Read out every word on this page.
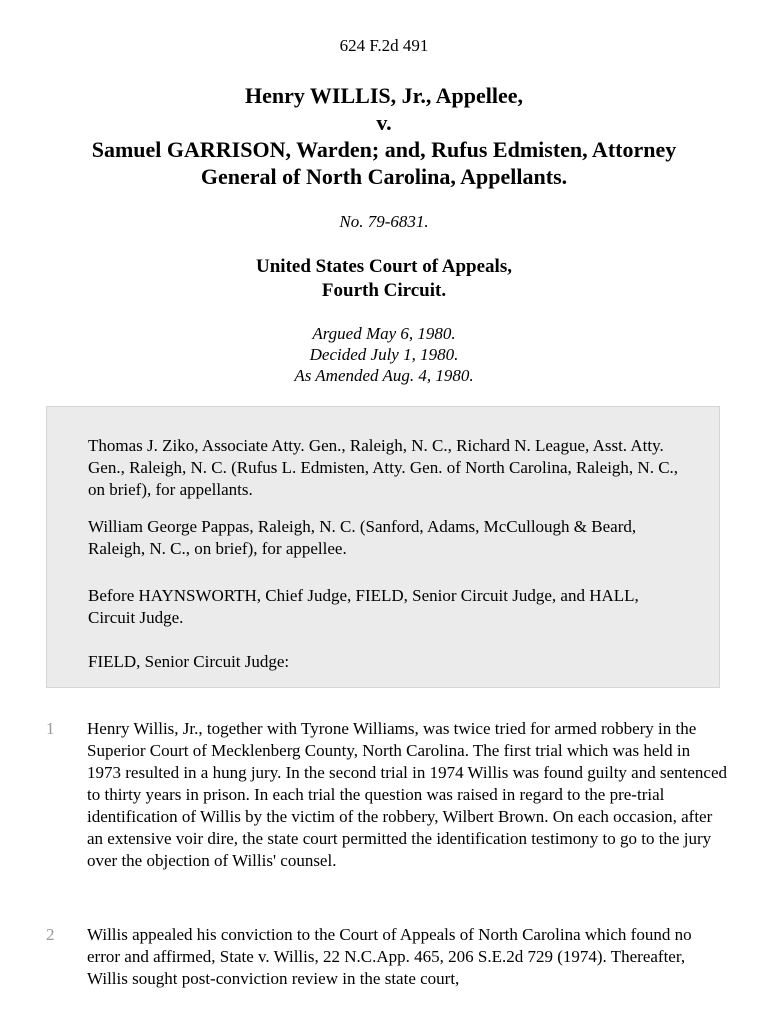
624 F.2d 491
Henry WILLIS, Jr., Appellee,
v.
Samuel GARRISON, Warden; and, Rufus Edmisten, Attorney
General of North Carolina, Appellants.
No. 79-6831.
United States Court of Appeals,
Fourth Circuit.
Argued May 6, 1980.
Decided July 1, 1980.
As Amended Aug. 4, 1980.

Thomas J. Ziko, Associate Atty. Gen., Raleigh, N. C., Richard N. League, Asst. Atty. Gen., Raleigh, N. C. (Rufus L. Edmisten, Atty. Gen. of North Carolina, Raleigh, N. C., on brief), for appellants.

William George Pappas, Raleigh, N. C. (Sanford, Adams, McCullough & Beard, Raleigh, N. C., on brief), for appellee.

Before HAYNSWORTH, Chief Judge, FIELD, Senior Circuit Judge, and HALL, Circuit Judge.

FIELD, Senior Circuit Judge:

1 Henry Willis, Jr., together with Tyrone Williams, was twice tried for armed robbery in the Superior Court of Mecklenberg County, North Carolina. The first trial which was held in 1973 resulted in a hung jury. In the second trial in 1974 Willis was found guilty and sentenced to thirty years in prison. In each trial the question was raised in regard to the pre-trial identification of Willis by the victim of the robbery, Wilbert Brown. On each occasion, after an extensive voir dire, the state court permitted the identification testimony to go to the jury over the objection of Willis' counsel.

2 Willis appealed his conviction to the Court of Appeals of North Carolina which found no error and affirmed, State v. Willis, 22 N.C.App. 465, 206 S.E.2d 729 (1974). Thereafter, Willis sought post-conviction review in the state court,
